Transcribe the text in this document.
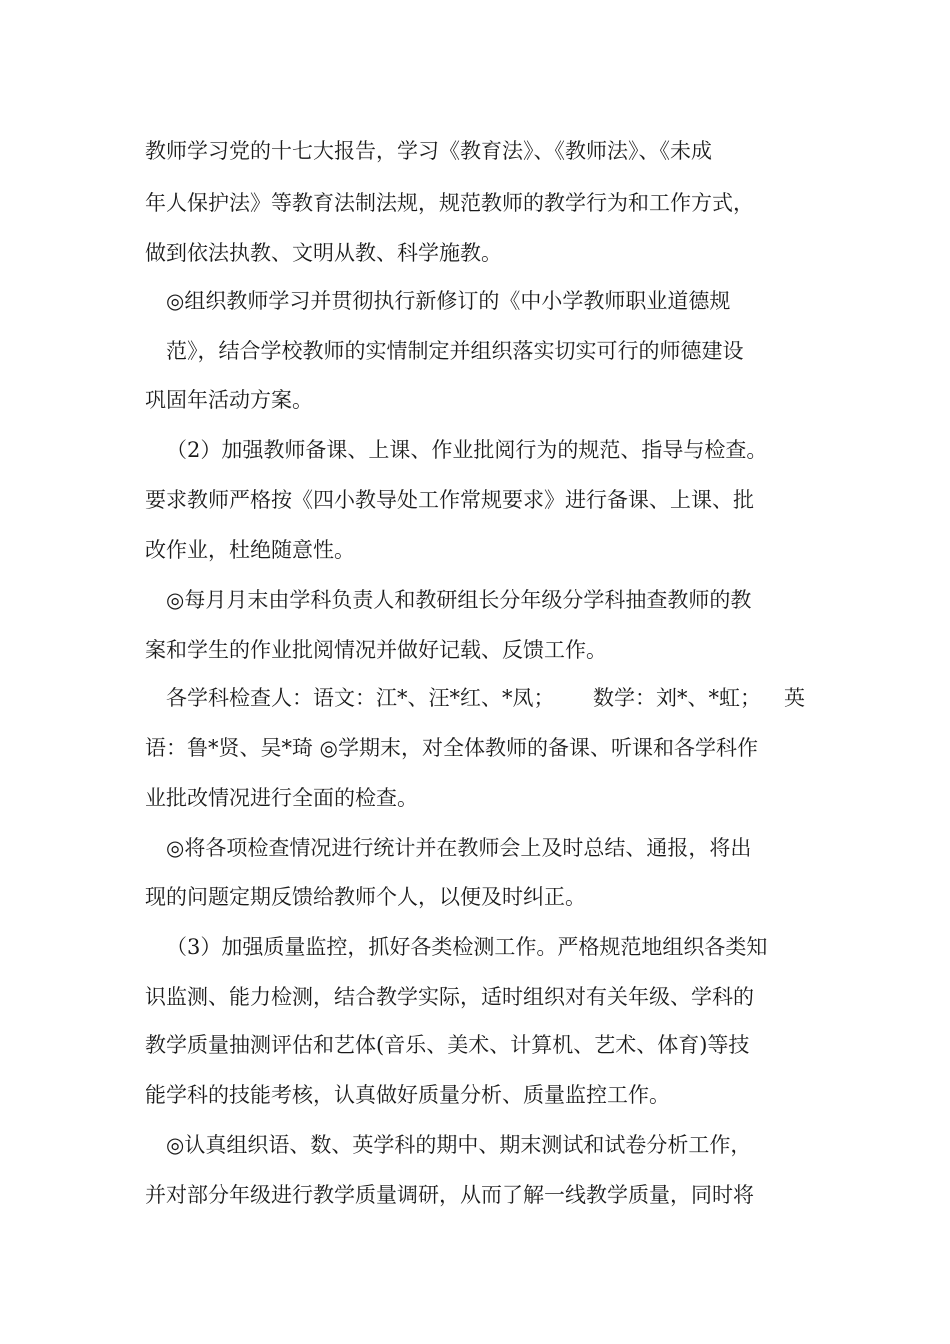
教师学习党的十七大报告，学习《教育法》、《教师法》、《未成
年人保护法》等教育法制法规，规范教师的教学行为和工作方式，
做到依法执教、文明从教、科学施教。
◎组织教师学习并贯彻执行新修订的《中小学教师职业道德规
范》，结合学校教师的实情制定并组织落实切实可行的师德建设
巩固年活动方案。
（2）加强教师备课、上课、作业批阅行为的规范、指导与检查。
要求教师严格按《四小教导处工作常规要求》进行备课、上课、批
改作业，杜绝随意性。
◎每月月末由学科负责人和教研组长分年级分学科抽查教师的教
案和学生的作业批阅情况并做好记载、反馈工作。
各学科检查人：语文：江*、汪*红、*凤； 数学：刘*、*虹； 英
语：鲁*贤、吴*琦 ◎学期末，对全体教师的备课、听课和各学科作
业批改情况进行全面的检查。
◎将各项检查情况进行统计并在教师会上及时总结、通报，将出
现的问题定期反馈给教师个人，以便及时纠正。
（3）加强质量监控，抓好各类检测工作。严格规范地组织各类知
识监测、能力检测，结合教学实际，适时组织对有关年级、学科的
教学质量抽测评估和艺体(音乐、美术、计算机、艺术、体育)等技
能学科的技能考核，认真做好质量分析、质量监控工作。
◎认真组织语、数、英学科的期中、期末测试和试卷分析工作，
并对部分年级进行教学质量调研，从而了解一线教学质量，同时将
